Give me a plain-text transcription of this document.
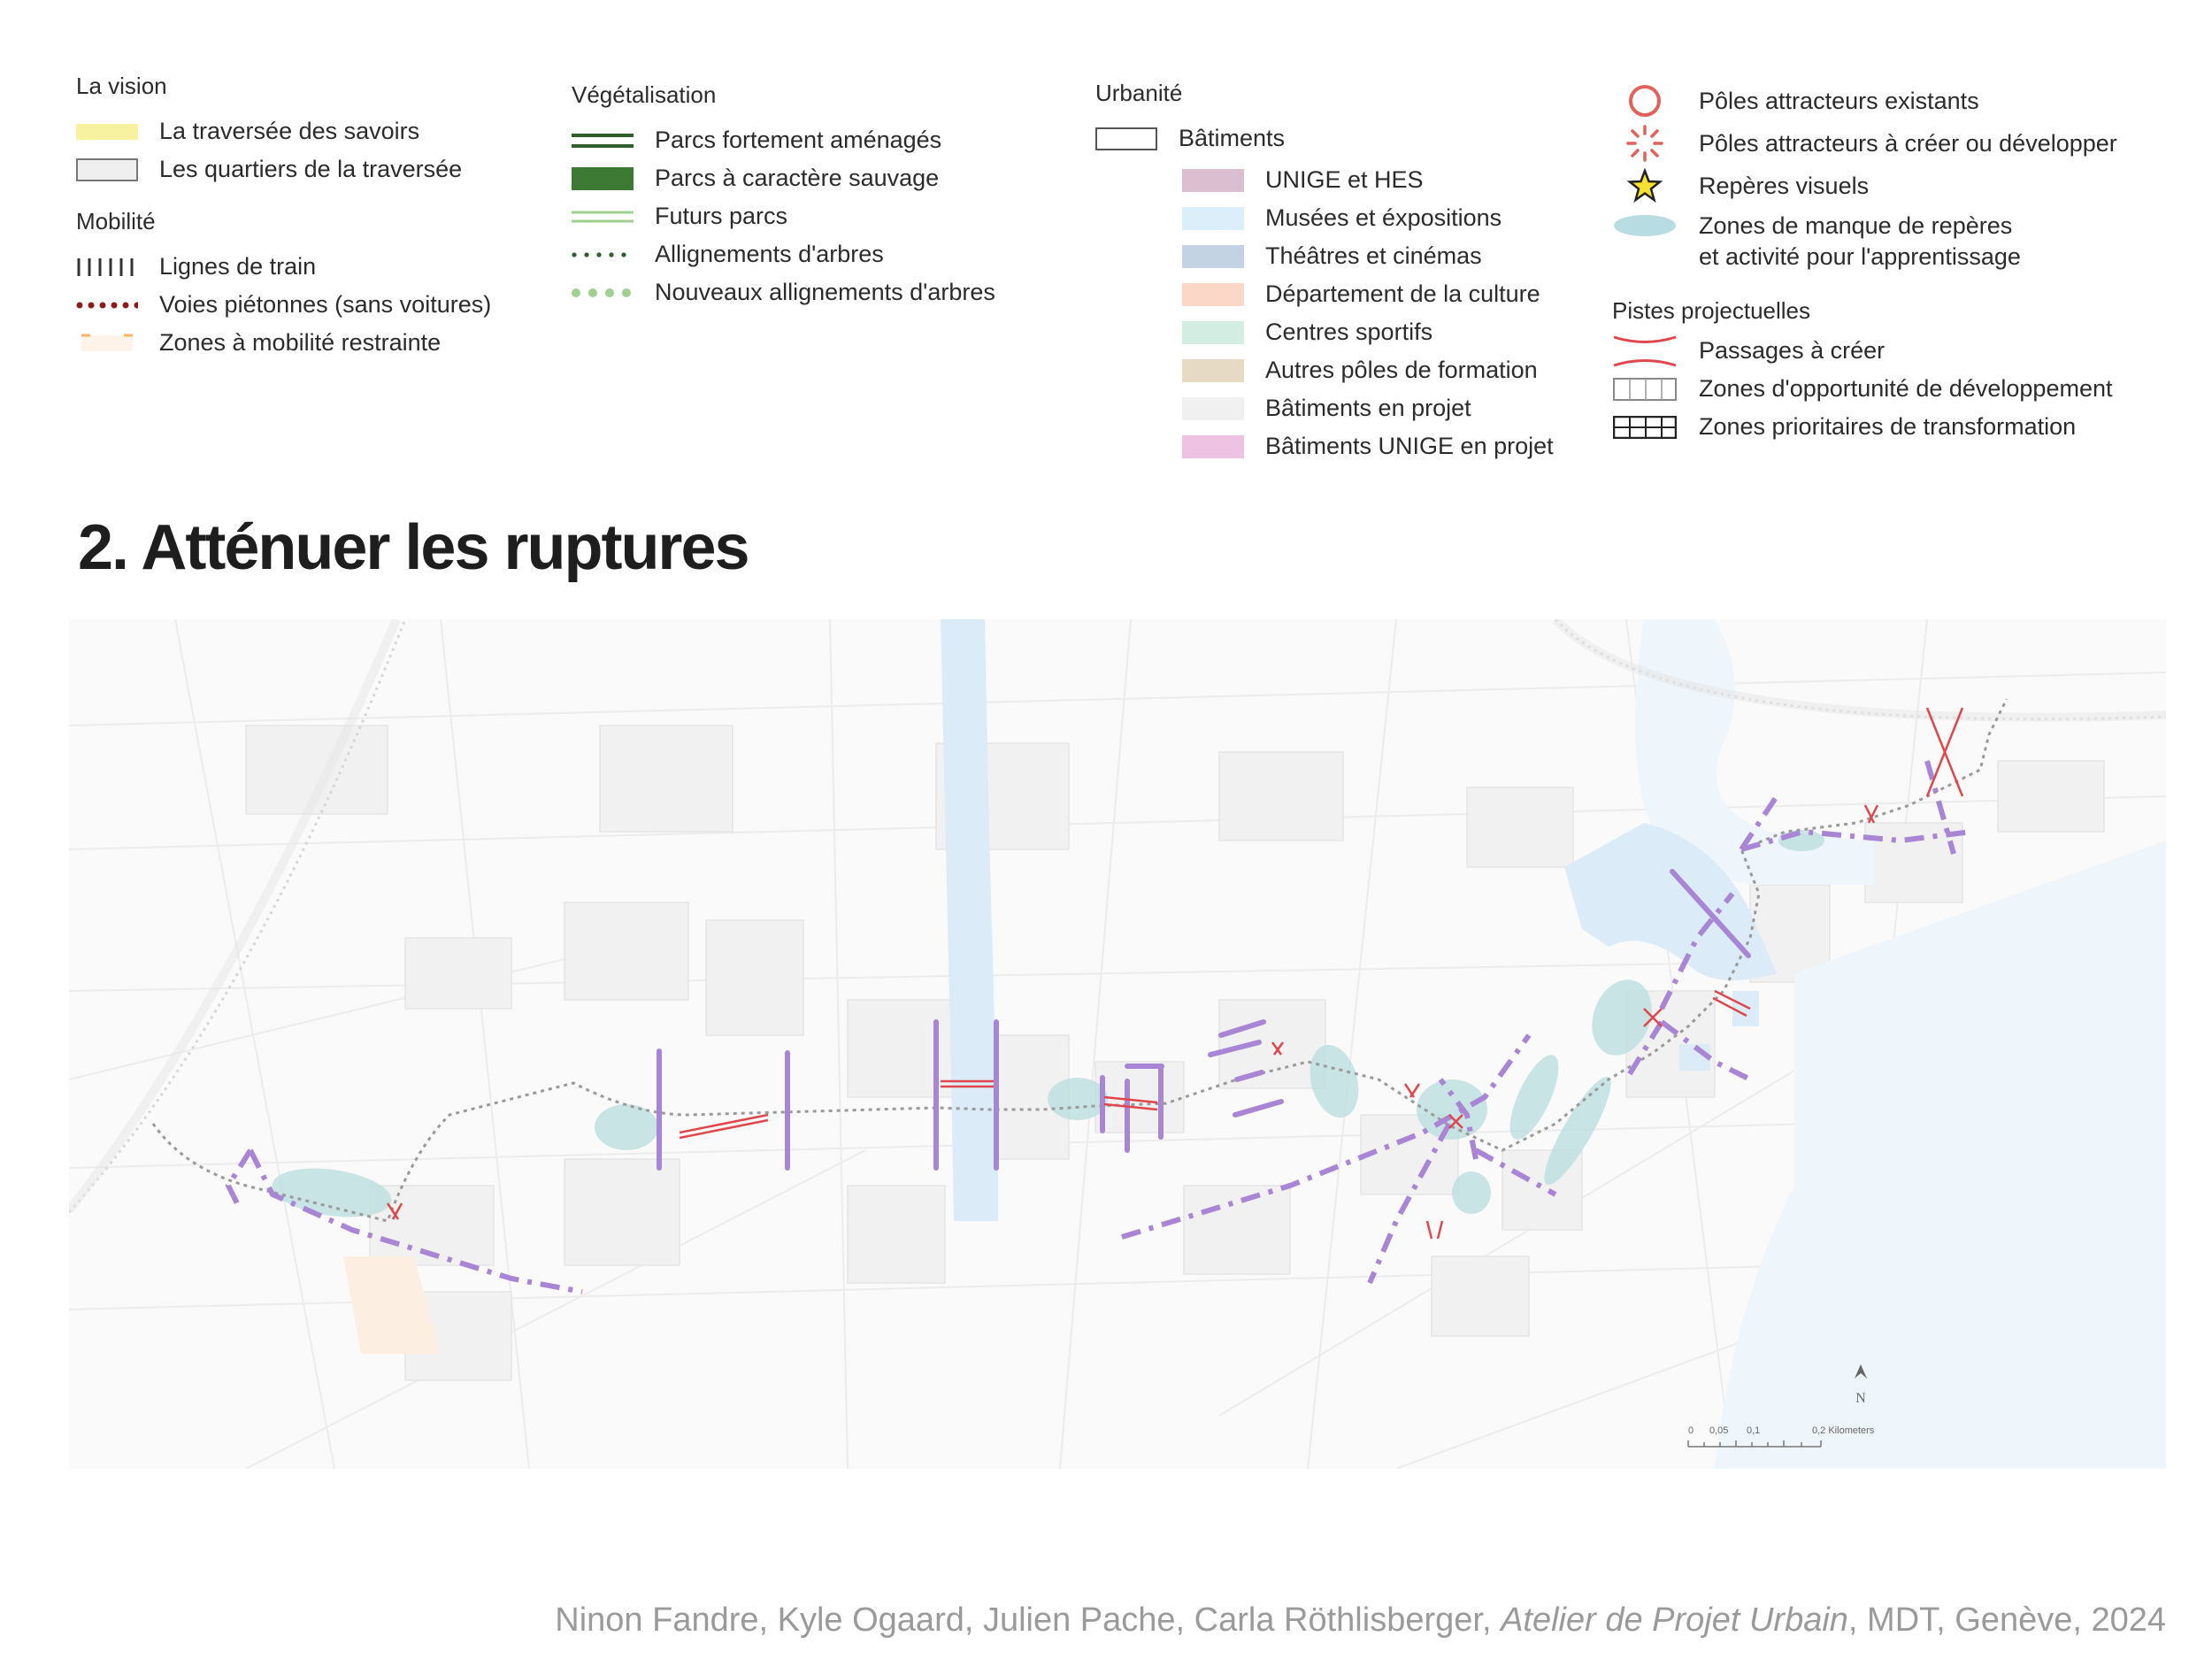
La vision
La traversée des savoirs
Les quartiers de la traversée
Mobilité
Lignes de train
Voies piétonnes (sans voitures)
Zones à mobilité restrainte
Végétalisation
Parcs fortement aménagés
Parcs à caractère sauvage
Futurs parcs
Allignements d'arbres
Nouveaux allignements d'arbres
Urbanité
Bâtiments
UNIGE et HES
Musées et éxpositions
Théâtres et cinémas
Département de la culture
Centres sportifs
Autres pôles de formation
Bâtiments en projet
Bâtiments UNIGE en projet
Pôles attracteurs existants
Pôles attracteurs à créer ou développer
Repères visuels
Zones de manque de repères
et activité pour l'apprentissage
Pistes projectuelles
Passages à créer
Zones d'opportunité de développement
Zones prioritaires de transformation
2. Atténuer les ruptures
N
0 0,05 0,1	0,2 Kilometers
Ninon Fandre, Kyle Ogaard, Julien Pache, Carla Röthlisberger, Atelier de Projet Urbain, MDT, Genève, 2024
